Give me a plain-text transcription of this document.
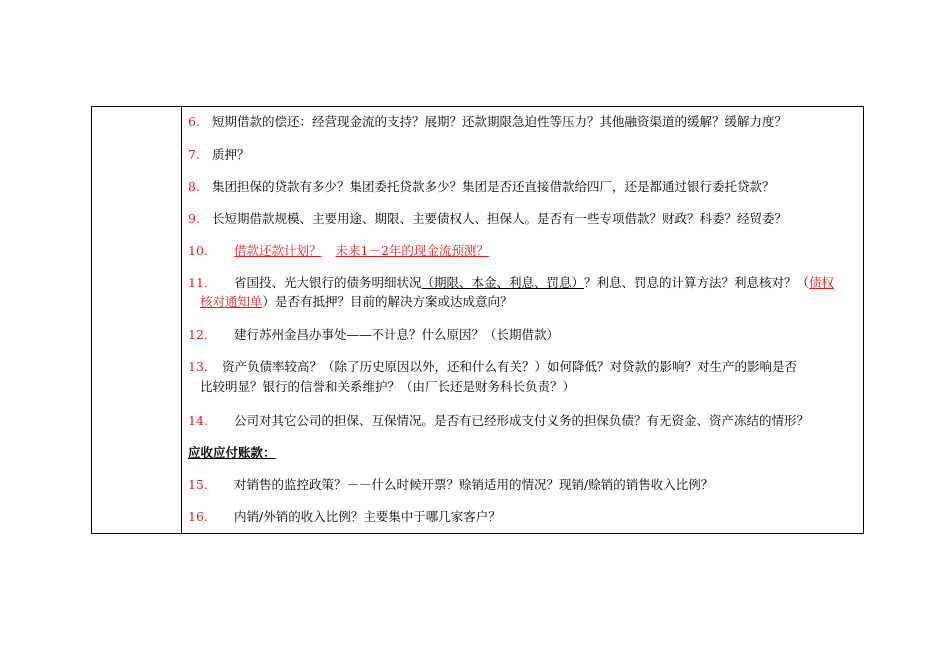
6. 短期借款的偿还：经营现金流的支持？展期？还款期限急迫性等压力？其他融资渠道的缓解？缓解力度？
7. 质押？
8. 集团担保的贷款有多少？集团委托贷款多少？集团是否还直接借款给四厂，还是都通过银行委托贷款？
9. 长短期借款规模、主要用途、期限、主要债权人、担保人。是否有一些专项借款？财政？科委？经贸委？
10. 借款还款计划？ 未来1－2年的现金流预测？
11. 省国投、光大银行的债务明细状况（期限、本金、利息、罚息）？利息、罚息的计算方法？利息核对？（债权
核对通知单）是否有抵押？目前的解决方案或达成意向？
12. 建行苏州金昌办事处——不计息？什么原因？（长期借款）
13. 资产负债率较高？（除了历史原因以外，还和什么有关？）如何降低？对贷款的影响？对生产的影响是否
比较明显？银行的信誉和关系维护？（由厂长还是财务科长负责？）
14. 公司对其它公司的担保、互保情况。是否有已经形成支付义务的担保负债？有无资金、资产冻结的情形？
应收应付账款：
15. 对销售的监控政策？－－什么时候开票？赊销适用的情况？现销/赊销的销售收入比例？
16. 内销/外销的收入比例？主要集中于哪几家客户？
